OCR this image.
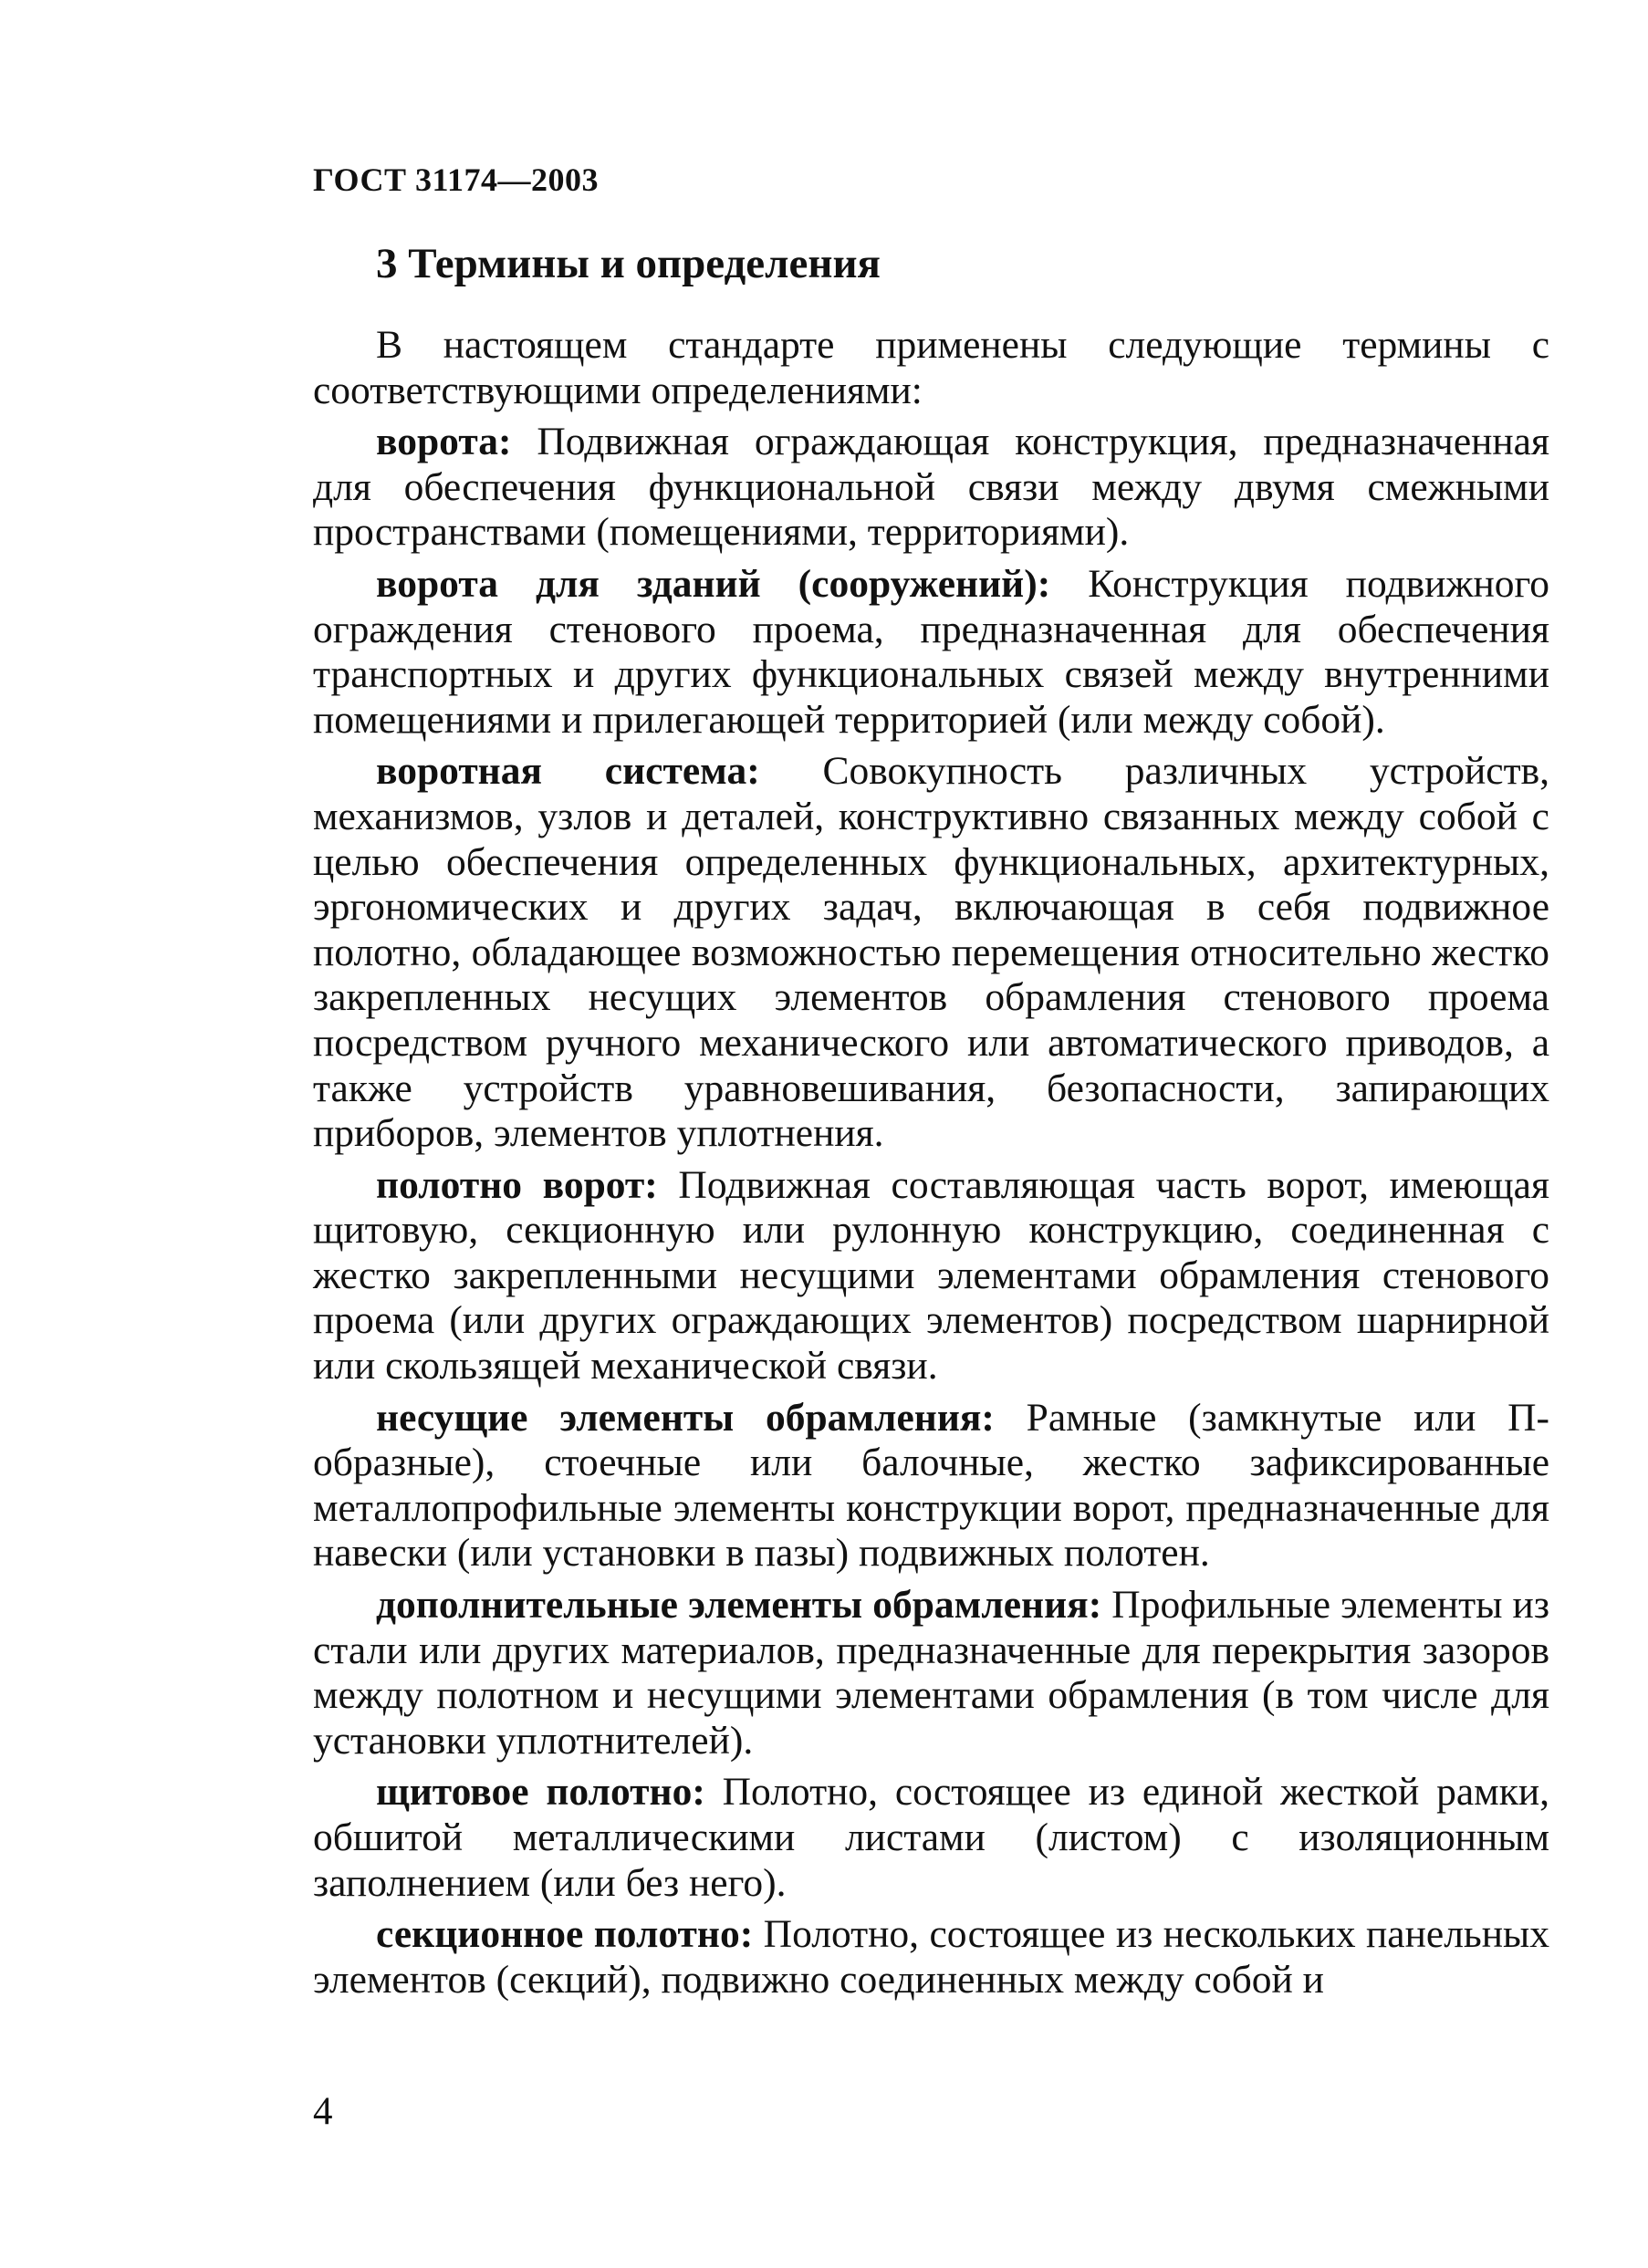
ГОСТ 31174—2003
3 Термины и определения

В настоящем стандарте применены следующие термины с соответствующими определениями:

ворота: Подвижная ограждающая конструкция, предназначенная для обеспечения функциональной связи между двумя смежными пространствами (помещениями, территориями).

ворота для зданий (сооружений): Конструкция подвижного ограждения стенового проема, предназначенная для обеспечения транспортных и других функциональных связей между внутренними помещениями и прилегающей территорией (или между собой).

воротная система: Совокупность различных устройств, механизмов, узлов и деталей, конструктивно связанных между собой с целью обеспечения определенных функциональных, архитектурных, эргономических и других задач, включающая в себя подвижное полотно, обладающее возможностью перемещения относительно жестко закрепленных несущих элементов обрамления стенового проема посредством ручного механического или автоматического приводов, а также устройств уравновешивания, безопасности, запирающих приборов, элементов уплотнения.

полотно ворот: Подвижная составляющая часть ворот, имеющая щитовую, секционную или рулонную конструкцию, соединенная с жестко закрепленными несущими элементами обрамления стенового проема (или других ограждающих элементов) посредством шарнирной или скользящей механической связи.

несущие элементы обрамления: Рамные (замкнутые или П-образные), стоечные или балочные, жестко зафиксированные металлопрофильные элементы конструкции ворот, предназначенные для навески (или установки в пазы) подвижных полотен.

дополнительные элементы обрамления: Профильные элементы из стали или других материалов, предназначенные для перекрытия зазоров между полотном и несущими элементами обрамления (в том числе для установки уплотнителей).

щитовое полотно: Полотно, состоящее из единой жесткой рамки, обшитой металлическими листами (листом) с изоляционным заполнением (или без него).

секционное полотно: Полотно, состоящее из нескольких панельных элементов (секций), подвижно соединенных между собой и

4
